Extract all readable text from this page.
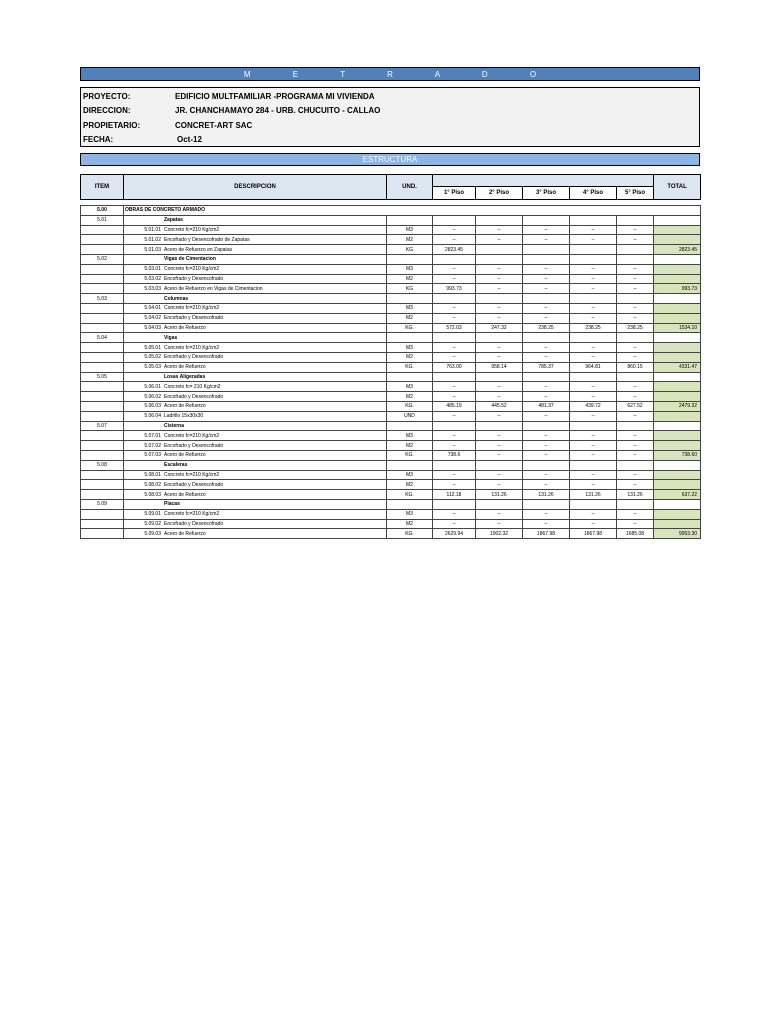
M E T R A D O
PROYECTO:	EDIFICIO MULTFAMILIAR -PROGRAMA MI VIVIENDA
DIRECCION:	JR. CHANCHAMAYO 284 - URB. CHUCUITO - CALLAO
PROPIETARIO:	CONCRET-ART SAC
FECHA:	Oct-12
ESTRUCTURA
ITEM	DESCRIPCION	UND.						TOTAL
			1° Piso	2° Piso	3° Piso	4° Piso	5° Piso	
5.00	OBRAS DE CONCRETO ARMADO							
5.01	Zapatas							
	5.01.01 Concreto fc=210 Kg/cm2	M3	–	–	–	–	–	
	5.01.02 Encofrado y Desencofrado de Zapatas	M2	–	–	–	–	–	
	5.01.03 Acero de Refuerzo en Zapatas	KG	2823.45					2823.45
5.02	Vigas de Cimentacion							
	5.03.01 Concreto fc=210 Kg/cm2	M3	–	–	–	–	–	
	5.03.02 Encofrado y Desencofrado	M2	–	–	–	–	–	
	5.03.03 Acero de Refuerzo en Vigas de Cimentacion	KG	993.73	–	–	–	–	993.73
5.03	Columnas							
	5.04.01 Concreto fc=210 Kg/cm2	M3	–	–	–	–	–	
	5.04.02 Encofrado y Desencofrado	M2	–	–	–	–	–	
	5.04.03 Acero de Refuerzo	KG.	572.03	247.32	238.25	238.25	238.25	1534.10
5.04	Vigas							
	5.05.01 Concreto fc=210 Kg/cm2	M3	–	–	–	–	–	
	5.05.02 Encofrado y Desencofrado	M2	–	–	–	–	–	
	5.05.03 Acero de Refuerzo	KG.	763.00	958.14	785.37	964.81	860.15	4331.47
5.05	Losas Aligeradas							
	5.06.01 Concreto fc= 210 Kg/cm2	M3	–	–	–	–	–	
	5.06.02 Encofrado y Desencofrado	M2	–	–	–	–	–	
	5.06.03 Acero de Refuerzo	KG.	485.19	445.52	481.37	439.72	627.52	2479.32
	5.06.04 Ladrillo 15x30x30	UND	–	–	–	–	–	
5.07	Cisterna							
	5.07.01 Concreto fc=210 Kg/cm2	M3	–	–	–	–	–	
	5.07.02 Encofrado y Desencofrado	M2	–	–	–	–	–	
	5.07.03 Acero de Refuerzo	KG.	738.6	–	–	–	–	738.60
5.08	Escaleras							
	5.08.01 Concreto fc=210 Kg/cm2	M3	–	–	–	–	–	
	5.08.02 Encofrado y Desencofrado	M2	–	–	–	–	–	
	5.08.03 Acero de Refuerzo	KG.	112.18	131.26	131.26	131.26	131.26	637.22
5.09	Placas							
	5.09.01 Concreto fc=210 Kg/cm2	M3	–	–	–	–	–	
	5.09.02 Encofrado y Desencofrado	M2	–	–	–	–	–	
	5.09.03 Acero de Refuerzo	KG.	2629.94	1902.32	1867.98	1867.98	1685.08	9953.30
